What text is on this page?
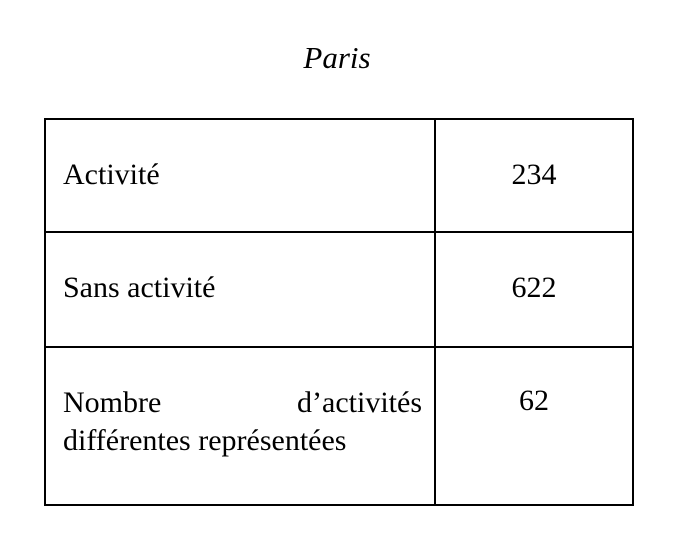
Paris
Activité	234

Sans activité	622

Nombre d’activités différentes représentées	62
